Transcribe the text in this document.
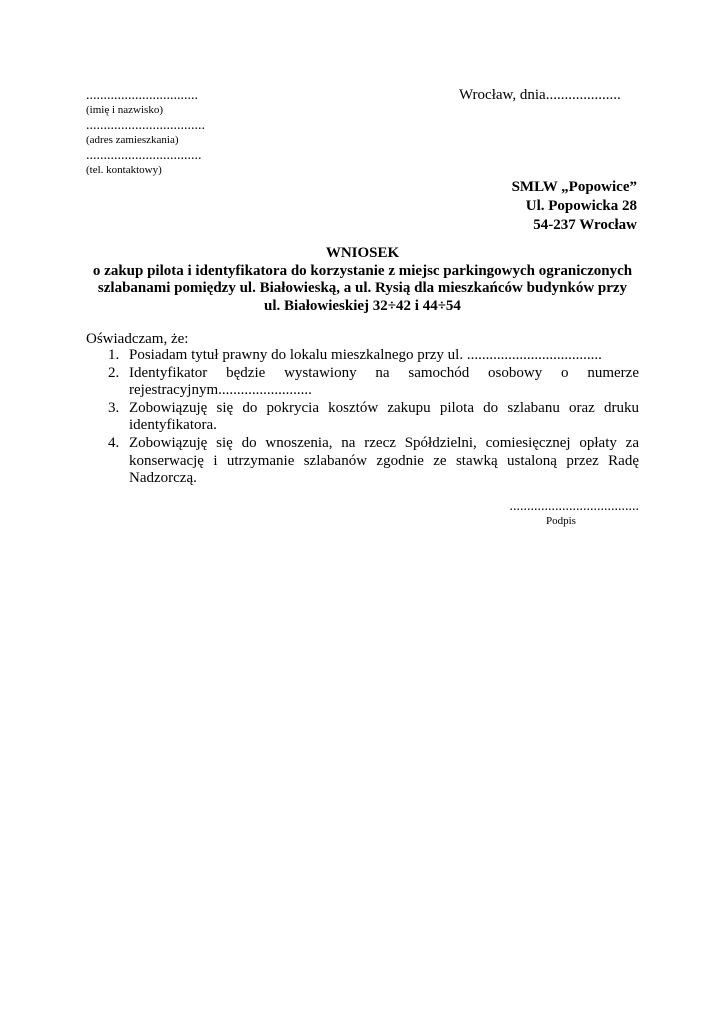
................................
(imię i nazwisko)
..................................
(adres zamieszkania)
.................................
(tel. kontaktowy)
Wrocław, dnia....................
SMLW „Popowice”
Ul. Popowicka 28
54-237 Wrocław
WNIOSEK
o zakup pilota i identyfikatora do korzystanie z miejsc parkingowych ograniczonych
szlabanami pomiędzy ul. Białowieską, a ul. Rysią dla mieszkańców budynków przy
ul. Białowieskiej 32÷42 i 44÷54
Oświadczam, że:
1. Posiadam tytuł prawny do lokalu mieszkalnego przy ul. ....................................
2. Identyfikator będzie wystawiony na samochód osobowy o numerze
rejestracyjnym.........................
3. Zobowiązuję się do pokrycia kosztów zakupu pilota do szlabanu oraz druku
identyfikatora.
4. Zobowiązuję się do wnoszenia, na rzecz Spółdzielni, comiesięcznej opłaty za
konserwację i utrzymanie szlabanów zgodnie ze stawką ustaloną przez Radę
Nadzorczą.
.....................................
Podpis
